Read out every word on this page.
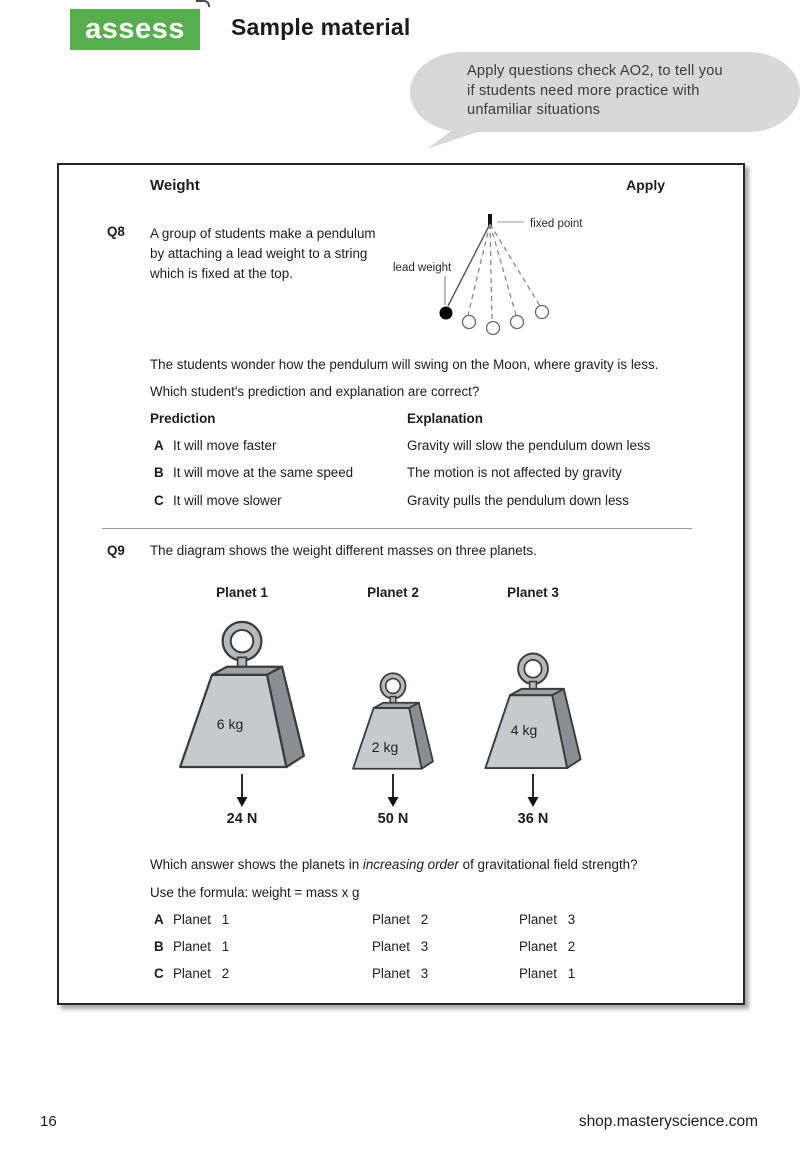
assess Sample material
Apply questions check AO2, to tell you
if students need more practice with
unfamiliar situations
Weight	Apply
Q8 A group of students make a pendulum
by attaching a lead weight to a string
which is fixed at the top.
fixed point
lead weight
The students wonder how the pendulum will swing on the Moon, where gravity is less.
Which student's prediction and explanation are correct?
Prediction	Explanation
A It will move faster	Gravity will slow the pendulum down less
B It will move at the same speed	The motion is not affected by gravity
C It will move slower	Gravity pulls the pendulum down less
Q9 The diagram shows the weight different masses on three planets.
Planet 1
6 kg
24 N
Planet 2
2 kg
50 N
Planet 3
4 kg
36 N
Which answer shows the planets in increasing order of gravitational field strength?
Use the formula: weight = mass x g
A Planet 1	Planet 2	Planet 3
B Planet 1	Planet 3	Planet 2
C Planet 2	Planet 3	Planet 1
16	shop.masteryscience.com
